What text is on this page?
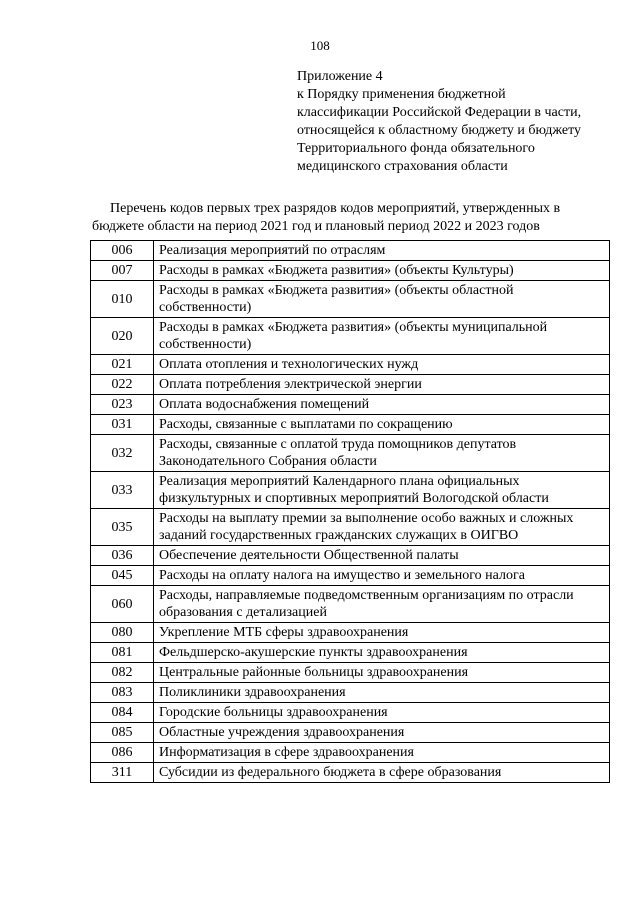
108
Приложение 4
к Порядку применения бюджетной
классификации Российской Федерации в части,
относящейся к областному бюджету и бюджету
Территориального фонда обязательного
медицинского страхования области
Перечень кодов первых трех разрядов кодов мероприятий, утвержденных в бюджете области на период 2021 год и плановый период 2022 и 2023 годов
006	Реализация мероприятий по отраслям
007	Расходы в рамках «Бюджета развития» (объекты Культуры)
010	Расходы в рамках «Бюджета развития» (объекты областной собственности)
020	Расходы в рамках «Бюджета развития» (объекты муниципальной собственности)
021	Оплата отопления и технологических нужд
022	Оплата потребления электрической энергии
023	Оплата водоснабжения помещений
031	Расходы, связанные с выплатами по сокращению
032	Расходы, связанные с оплатой труда помощников депутатов Законодательного Собрания области
033	Реализация мероприятий Календарного плана официальных физкультурных и спортивных мероприятий Вологодской области
035	Расходы на выплату премии за выполнение особо важных и сложных заданий государственных гражданских служащих в ОИГВО
036	Обеспечение деятельности Общественной палаты
045	Расходы на оплату налога на имущество и земельного налога
060	Расходы, направляемые подведомственным организациям по отрасли образования с детализацией
080	Укрепление МТБ сферы здравоохранения
081	Фельдшерско-акушерские пункты здравоохранения
082	Центральные районные больницы здравоохранения
083	Поликлиники здравоохранения
084	Городские больницы здравоохранения
085	Областные учреждения здравоохранения
086	Информатизация в сфере здравоохранения
311	Субсидии из федерального бюджета в сфере образования
